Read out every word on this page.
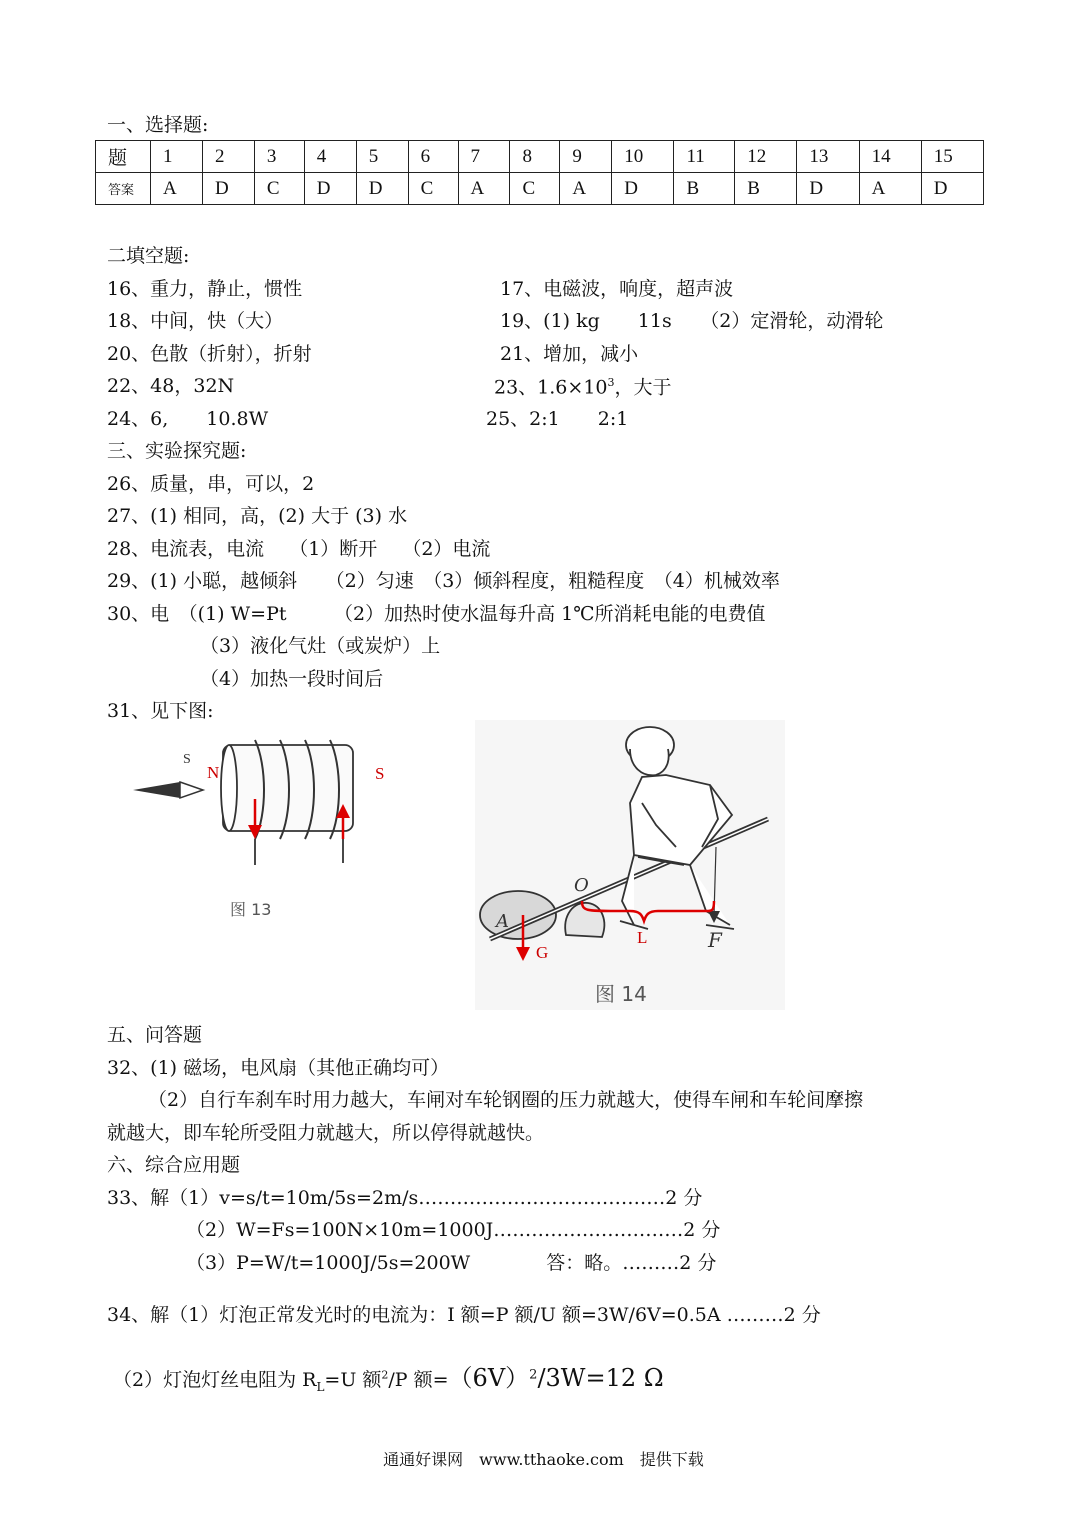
一、选择题:
题	1	2	3	4	5	6	7	8	9	10	11	12	13	14	15
答案	A	D	C	D	D	C	A	C	A	D	B	B	D	A	D
二填空题:
16、重力，静止，惯性	17、电磁波，响度，超声波
18、中间，快（大）	19、(1) kg　　11s　　（2）定滑轮，动滑轮
20、色散（折射），折射	21、增加，减小
22、48，32N	23、$1.6\times 10^3$，大于
24、6,　　10.8W	25、2:1　　2:1
三、实验探究题:
26、质量，串，可以，2
27、(1) 相同，高，(2) 大于 (3) 水
28、电流表，电流　 （1）断开　 （2）电流
29、(1) 小聪，越倾斜　　（2）匀速　（3）倾斜程度，粗糙程度　（4）机械效率
30、电　（(1) W=Pt　　　（2）加热时使水温每升高 1℃所消耗电能的电费值
（3）液化气灶（或炭炉）上
（4）加热一段时间后
31、见下图:
S
N	S
图 13
O
A
F
G
L
图 14
五、问答题
32、(1) 磁场，电风扇（其他正确均可）
（2）自行车刹车时用力越大，车闸对车轮钢圈的压力就越大，使得车闸和车轮间摩擦
就越大，即车轮所受阻力就越大，所以停得就越快。
六、综合应用题
33、解（1）v=s/t=10m/5s=2m/s…………………………………2 分
（2）W=Fs=100N×10m=1000J…………………………2 分
（3）P=W/t=1000J/5s=200W　　　　答：略。………2 分
34、解（1）灯泡正常发光时的电流为：I 额=P 额/U 额=3W/6V=0.5A ………2 分
（2）灯泡灯丝电阻为 $R_L=U$ 额$^2$/P 额$=(6V)^2/3W=12$ Ω
通通好课网　www.tthaoke.com　提供下载
